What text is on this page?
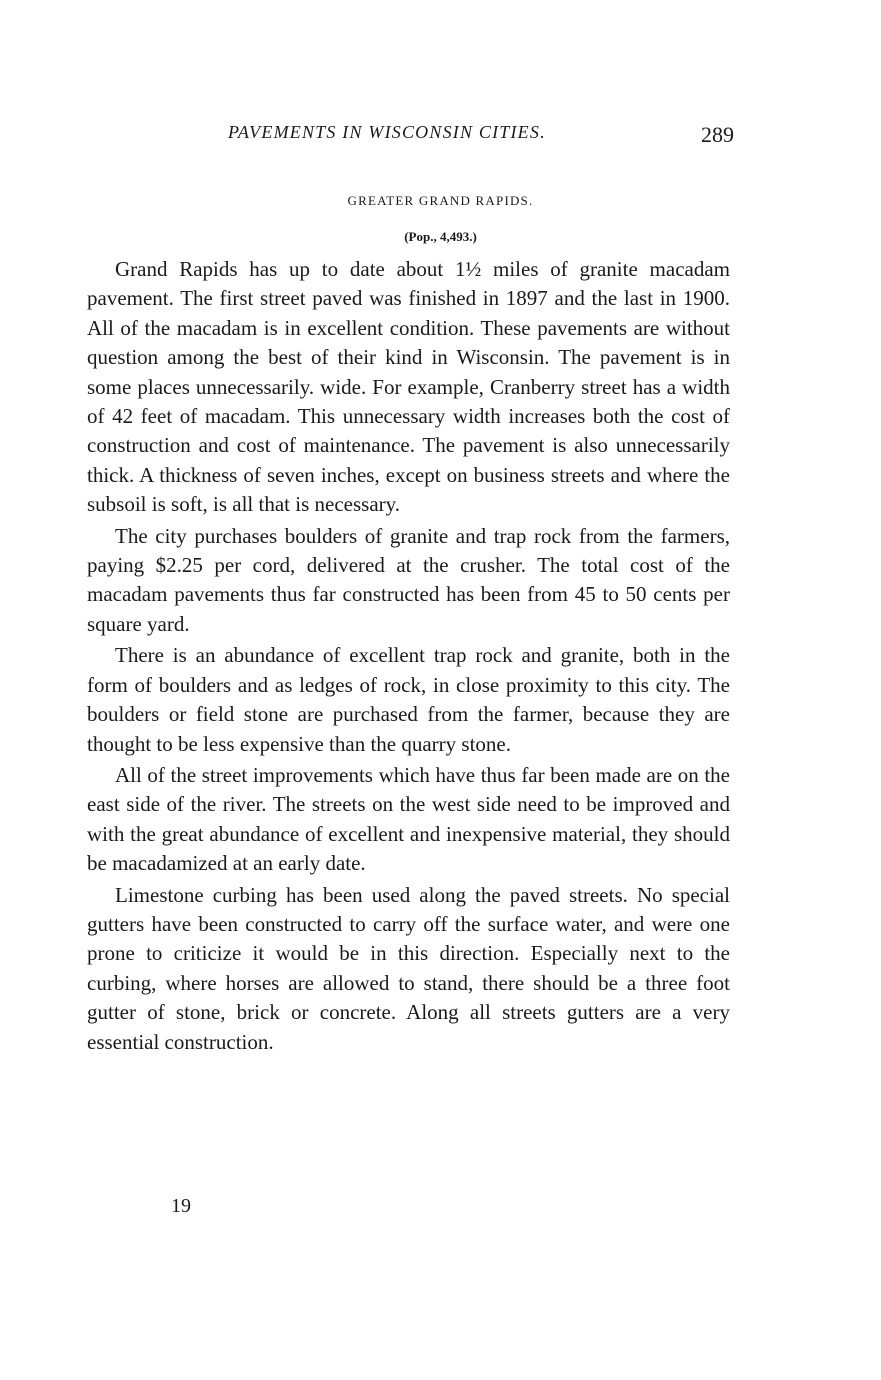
PAVEMENTS IN WISCONSIN CITIES.	289
GREATER GRAND RAPIDS.
(Pop., 4,493.)

Grand Rapids has up to date about 1½ miles of granite macadam pavement. The first street paved was finished in 1897 and the last in 1900. All of the macadam is in excellent condition. These pavements are without question among the best of their kind in Wisconsin. The pavement is in some places unnecessarily. wide. For example, Cranberry street has a width of 42 feet of macadam. This unnecessary width increases both the cost of construction and cost of maintenance. The pavement is also unnecessarily thick. A thickness of seven inches, except on business streets and where the subsoil is soft, is all that is necessary.

The city purchases boulders of granite and trap rock from the farmers, paying $2.25 per cord, delivered at the crusher. The total cost of the macadam pavements thus far constructed has been from 45 to 50 cents per square yard.

There is an abundance of excellent trap rock and granite, both in the form of boulders and as ledges of rock, in close proximity to this city. The boulders or field stone are purchased from the farmer, because they are thought to be less expensive than the quarry stone.

All of the street improvements which have thus far been made are on the east side of the river. The streets on the west side need to be improved and with the great abundance of excellent and inexpensive material, they should be macadamized at an early date.

Limestone curbing has been used along the paved streets. No special gutters have been constructed to carry off the surface water, and were one prone to criticize it would be in this direction. Especially next to the curbing, where horses are allowed to stand, there should be a three foot gutter of stone, brick or concrete. Along all streets gutters are a very essential construction.

19
